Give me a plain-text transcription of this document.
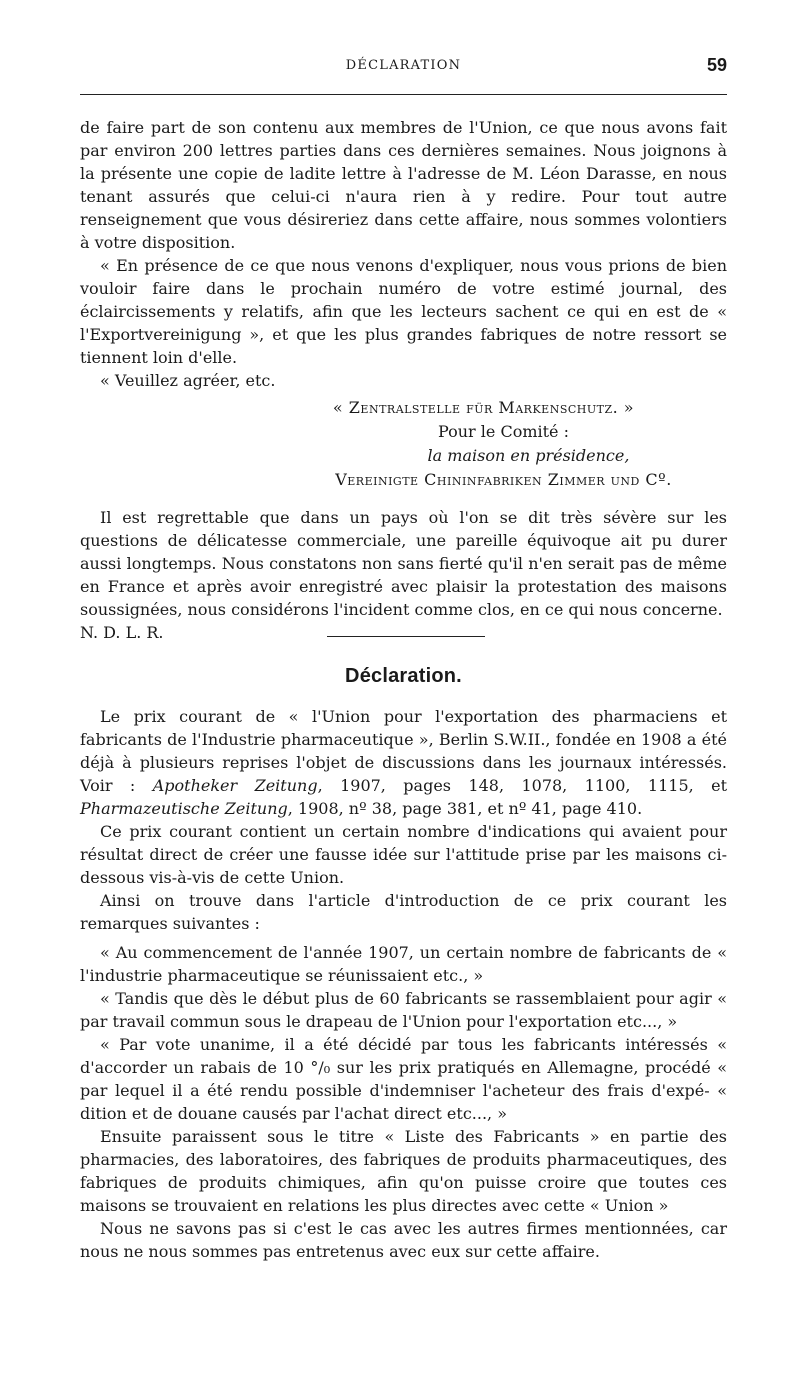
DÉCLARATION	59

de faire part de son contenu aux membres de l'Union, ce que nous avons fait par environ 200 lettres parties dans ces dernières semaines. Nous joignons à la présente une copie de ladite lettre à l'adresse de M. Léon Darasse, en nous tenant assurés que celui-ci n'aura rien à y redire. Pour tout autre renseignement que vous désireriez dans cette affaire, nous sommes volontiers à votre disposition.

« En présence de ce que nous venons d'expliquer, nous vous prions de bien vouloir faire dans le prochain numéro de votre estimé journal, des éclaircissements y relatifs, afin que les lecteurs sachent ce qui en est de « l'Exportvereinigung », et que les plus grandes fabriques de notre ressort se tiennent loin d'elle.

« Veuillez agréer, etc.

« Zentralstelle für Markenschutz. »
Pour le Comité :
la maison en présidence,
Vereinigte Chininfabriken Zimmer und Cº.

Il est regrettable que dans un pays où l'on se dit très sévère sur les questions de délicatesse commerciale, une pareille équivoque ait pu durer aussi longtemps. Nous constatons non sans fierté qu'il n'en serait pas de même en France et après avoir enregistré avec plaisir la protestation des maisons soussignées, nous considérons l'incident comme clos, en ce qui nous concerne.

N. D. L. R.

Déclaration.

Le prix courant de « l'Union pour l'exportation des pharmaciens et fabricants de l'Industrie pharmaceutique », Berlin S.W.II., fondée en 1908 a été déjà à plusieurs reprises l'objet de discussions dans les journaux intéressés. Voir : Apotheker Zeitung, 1907, pages 148, 1078, 1100, 1115, et Pharmazeutische Zeitung, 1908, nº 38, page 381, et nº 41, page 410.

Ce prix courant contient un certain nombre d'indications qui avaient pour résultat direct de créer une fausse idée sur l'attitude prise par les maisons ci-dessous vis-à-vis de cette Union.

Ainsi on trouve dans l'article d'introduction de ce prix courant les remarques suivantes :

« Au commencement de l'année 1907, un certain nombre de fabricants de « l'industrie pharmaceutique se réunissaient etc., »

« Tandis que dès le début plus de 60 fabricants se rassemblaient pour agir « par travail commun sous le drapeau de l'Union pour l'exportation etc..., »

« Par vote unanime, il a été décidé par tous les fabricants intéressés « d'accorder un rabais de 10 °/₀ sur les prix pratiqués en Allemagne, procédé « par lequel il a été rendu possible d'indemniser l'acheteur des frais d'expé- « dition et de douane causés par l'achat direct etc..., »

Ensuite paraissent sous le titre « Liste des Fabricants » en partie des pharmacies, des laboratoires, des fabriques de produits pharmaceutiques, des fabriques de produits chimiques, afin qu'on puisse croire que toutes ces maisons se trouvaient en relations les plus directes avec cette « Union »

Nous ne savons pas si c'est le cas avec les autres firmes mentionnées, car nous ne nous sommes pas entretenus avec eux sur cette affaire.
